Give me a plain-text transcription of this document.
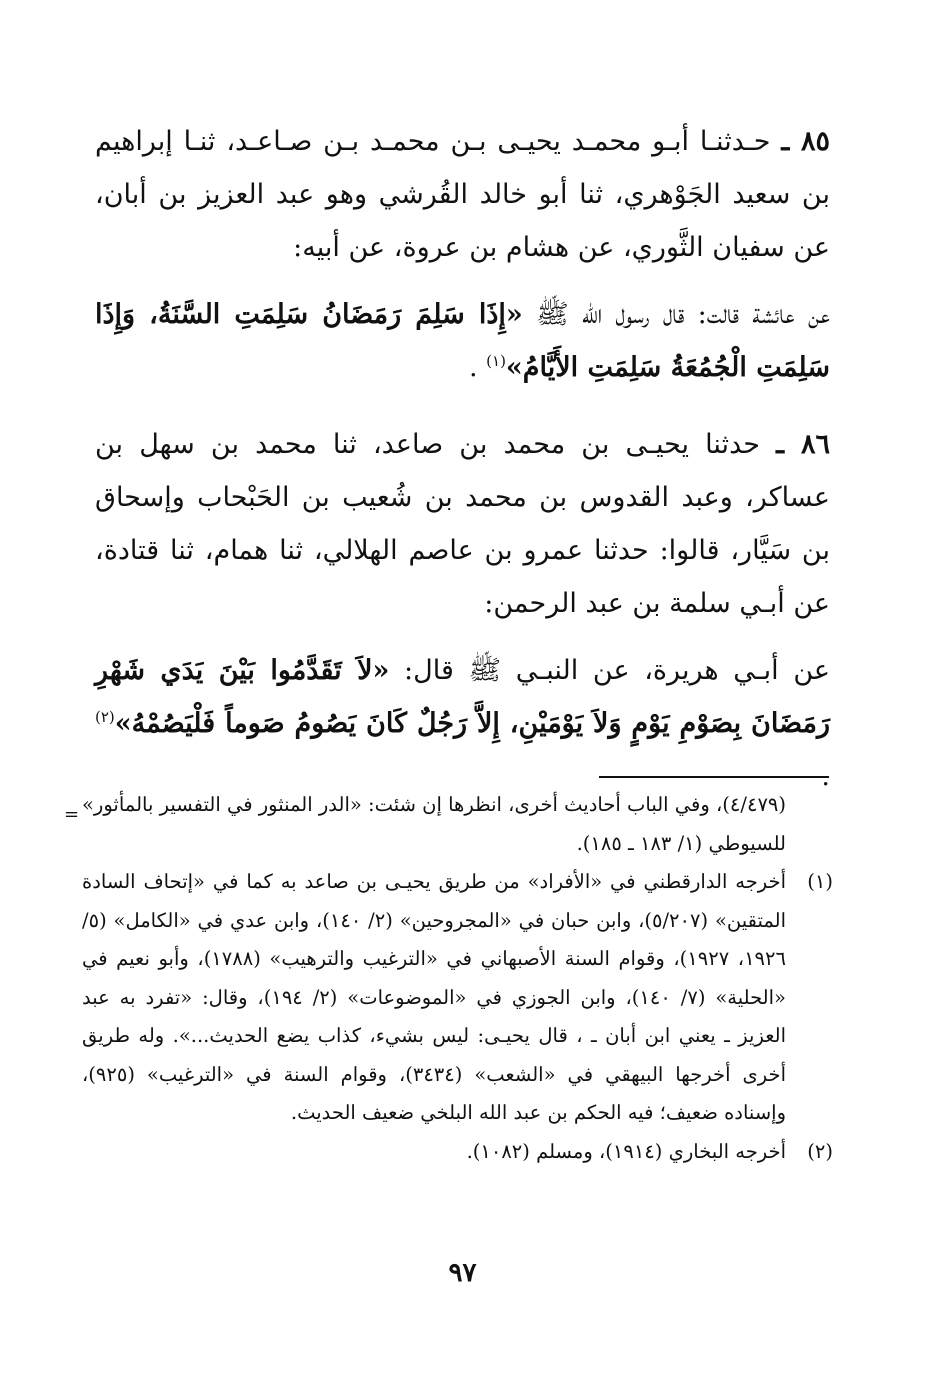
٨٥ ـ حـدثنـا أبـو محمـد يحيـى بـن محمـد بـن صـاعـد، ثنـا إبراهيم بن سعيد الجَوْهري، ثنا أبو خالد القُرشي وهو عبد العزيز بن أبان، عن سفيان الثَّوري، عن هشام بن عروة، عن أبيه:

عن عائشة قالت: قال رسول الله ﷺ «إِذَا سَلِمَ رَمَضَانُ سَلِمَتِ السَّنَةُ، وَإِذَا سَلِمَتِ الْجُمُعَةُ سَلِمَتِ الأَيَّامُ»$^{(١)}$ .

٨٦ ـ حدثنا يحيـى بن محمد بن صاعد، ثنا محمد بن سهل بن عساكر، وعبد القدوس بن محمد بن شُعيب بن الحَبْحاب وإسحاق بن سَيَّار، قالوا: حدثنا عمرو بن عاصم الهلالي، ثنا همام، ثنا قتادة، عن أبـي سلمة بن عبد الرحمن:

عن أبـي هريرة، عن النبـي ﷺ قال: «لاَ تَقَدَّمُوا بَيْنَ يَدَي شَهْرِ رَمَضَانَ بِصَوْمِ يَوْمٍ وَلاَ يَوْمَيْنِ، إِلاَّ رَجُلٌ كَانَ يَصُومُ صَوماً فَلْيَصُمْهُ»$^{(٢)}$ .

= (٤/٤٧٩)، وفي الباب أحاديث أخرى، انظرها إن شئت: «الدر المنثور في التفسير بالمأثور» للسيوطي (١/ ١٨٣ ـ ١٨٥).

(١)
أخرجه الدارقطني في «الأفراد» من طريق يحيـى بن صاعد به كما في «إتحاف السادة المتقين» (٥/٢٠٧)، وابن حبان في «المجروحين» (٢/ ١٤٠)، وابن عدي في «الكامل» (٥/ ١٩٢٦، ١٩٢٧)، وقوام السنة الأصبهاني في «الترغيب والترهيب» (١٧٨٨)، وأبو نعيم في «الحلية» (٧/ ١٤٠)، وابن الجوزي في «الموضوعات» (٢/ ١٩٤)، وقال: «تفرد به عبد العزيز ـ يعني ابن أبان ـ ، قال يحيـى: ليس بشيء، كذاب يضع الحديث...». وله طريق أخرى أخرجها البيهقي في «الشعب» (٣٤٣٤)، وقوام السنة في «الترغيب» (٩٢٥)، وإسناده ضعيف؛ فيه الحكم بن عبد الله البلخي ضعيف الحديث.

(٢)
أخرجه البخاري (١٩١٤)، ومسلم (١٠٨٢).

٩٧
